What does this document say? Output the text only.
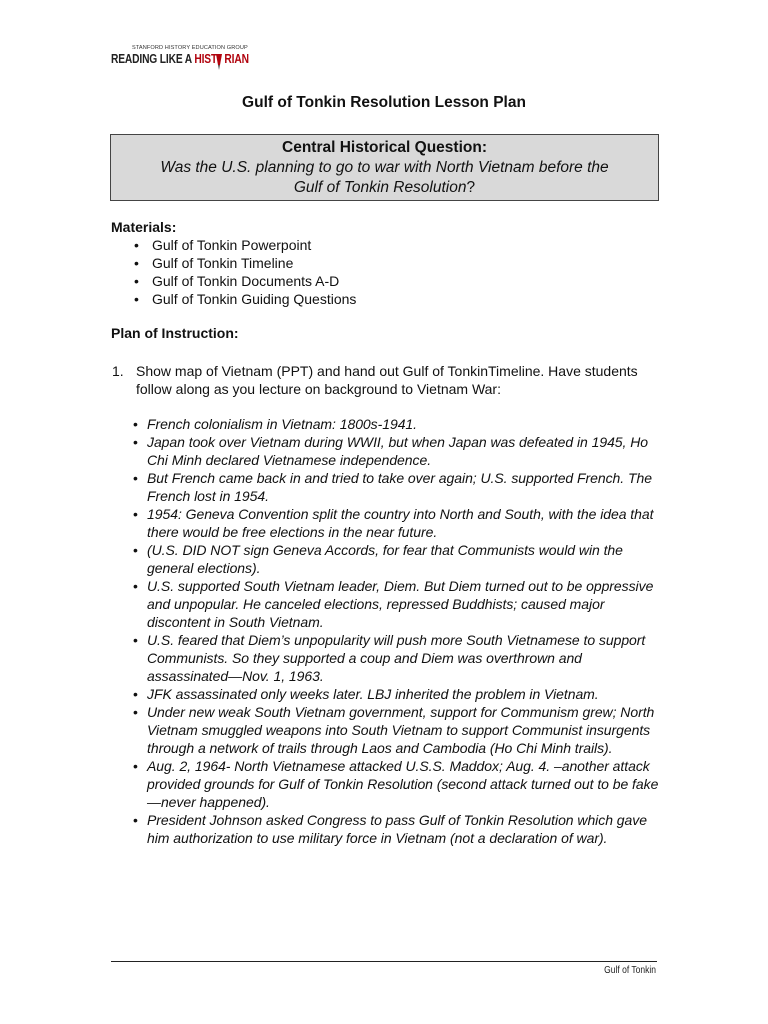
STANFORD HISTORY EDUCATION GROUP
READING LIKE A HIST RIAN
Gulf of Tonkin Resolution Lesson Plan
Central Historical Question:
Was the U.S. planning to go to war with North Vietnam before the
Gulf of Tonkin Resolution?
Materials:
• Gulf of Tonkin Powerpoint
• Gulf of Tonkin Timeline
• Gulf of Tonkin Documents A-D
• Gulf of Tonkin Guiding Questions
Plan of Instruction:
1. Show map of Vietnam (PPT) and hand out Gulf of TonkinTimeline. Have students follow along as you lecture on background to Vietnam War:
• French colonialism in Vietnam: 1800s-1941.
• Japan took over Vietnam during WWII, but when Japan was defeated in 1945, Ho Chi Minh declared Vietnamese independence.
• But French came back in and tried to take over again; U.S. supported French. The French lost in 1954.
• 1954: Geneva Convention split the country into North and South, with the idea that there would be free elections in the near future.
• (U.S. DID NOT sign Geneva Accords, for fear that Communists would win the general elections).
• U.S. supported South Vietnam leader, Diem. But Diem turned out to be oppressive and unpopular. He canceled elections, repressed Buddhists; caused major discontent in South Vietnam.
• U.S. feared that Diem’s unpopularity will push more South Vietnamese to support Communists. So they supported a coup and Diem was overthrown and assassinated—Nov. 1, 1963.
• JFK assassinated only weeks later. LBJ inherited the problem in Vietnam.
• Under new weak South Vietnam government, support for Communism grew; North Vietnam smuggled weapons into South Vietnam to support Communist insurgents through a network of trails through Laos and Cambodia (Ho Chi Minh trails).
• Aug. 2, 1964- North Vietnamese attacked U.S.S. Maddox; Aug. 4. –another attack provided grounds for Gulf of Tonkin Resolution (second attack turned out to be fake—never happened).
• President Johnson asked Congress to pass Gulf of Tonkin Resolution which gave him authorization to use military force in Vietnam (not a declaration of war).
Gulf of Tonkin
